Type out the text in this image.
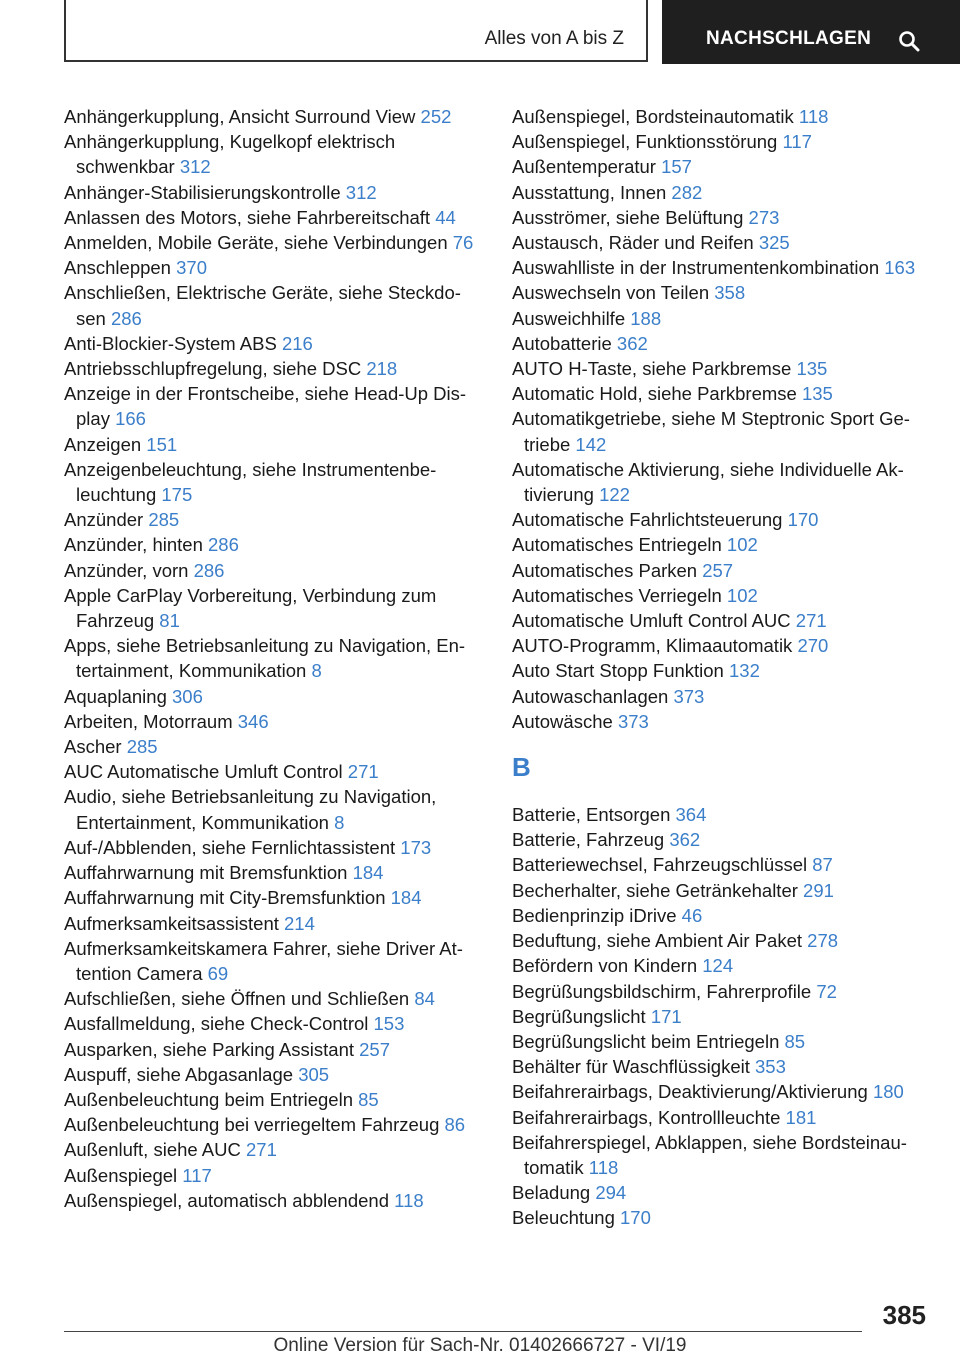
Alles von A bis Z	NACHSCHLAGEN
Anhängerkupplung, Ansicht Surround View 252
Anhängerkupplung, Kugelkopf elektrisch schwenkbar 312
Anhänger-Stabilisierungskontrolle 312
Anlassen des Motors, siehe Fahrbereitschaft 44
Anmelden, Mobile Geräte, siehe Verbindungen 76
Anschleppen 370
Anschließen, Elektrische Geräte, siehe Steckdosen 286
Anti-Blockier-System ABS 216
Antriebsschlupfregelung, siehe DSC 218
Anzeige in der Frontscheibe, siehe Head-Up Display 166
Anzeigen 151
Anzeigenbeleuchtung, siehe Instrumentenbeleuchtung 175
Anzünder 285
Anzünder, hinten 286
Anzünder, vorn 286
Apple CarPlay Vorbereitung, Verbindung zum Fahrzeug 81
Apps, siehe Betriebsanleitung zu Navigation, Entertainment, Kommunikation 8
Aquaplaning 306
Arbeiten, Motorraum 346
Ascher 285
AUC Automatische Umluft Control 271
Audio, siehe Betriebsanleitung zu Navigation, Entertainment, Kommunikation 8
Auf-/Abblenden, siehe Fernlichtassistent 173
Auffahrwarnung mit Bremsfunktion 184
Auffahrwarnung mit City-Bremsfunktion 184
Aufmerksamkeitsassistent 214
Aufmerksamkeitskamera Fahrer, siehe Driver Attention Camera 69
Aufschließen, siehe Öffnen und Schließen 84
Ausfallmeldung, siehe Check-Control 153
Ausparken, siehe Parking Assistant 257
Auspuff, siehe Abgasanlage 305
Außenbeleuchtung beim Entriegeln 85
Außenbeleuchtung bei verriegeltem Fahrzeug 86
Außenluft, siehe AUC 271
Außenspiegel 117
Außenspiegel, automatisch abblendend 118
Außenspiegel, Bordsteinautomatik 118
Außenspiegel, Funktionsstörung 117
Außentemperatur 157
Ausstattung, Innen 282
Ausströmer, siehe Belüftung 273
Austausch, Räder und Reifen 325
Auswahlliste in der Instrumentenkombination 163
Auswechseln von Teilen 358
Ausweichhilfe 188
Autobatterie 362
AUTO H-Taste, siehe Parkbremse 135
Automatic Hold, siehe Parkbremse 135
Automatikgetriebe, siehe M Steptronic Sport Getriebe 142
Automatische Aktivierung, siehe Individuelle Aktivierung 122
Automatische Fahrlichtsteuerung 170
Automatisches Entriegeln 102
Automatisches Parken 257
Automatisches Verriegeln 102
Automatische Umluft Control AUC 271
AUTO-Programm, Klimaautomatik 270
Auto Start Stopp Funktion 132
Autowaschanlagen 373
Autowäsche 373
B
Batterie, Entsorgen 364
Batterie, Fahrzeug 362
Batteriewechsel, Fahrzeugschlüssel 87
Becherhalter, siehe Getränkehalter 291
Bedienprinzip iDrive 46
Beduftung, siehe Ambient Air Paket 278
Befördern von Kindern 124
Begrüßungsbildschirm, Fahrerprofile 72
Begrüßungslicht 171
Begrüßungslicht beim Entriegeln 85
Behälter für Waschflüssigkeit 353
Beifahrerairbags, Deaktivierung/Aktivierung 180
Beifahrerairbags, Kontrollleuchte 181
Beifahrerspiegel, Abklappen, siehe Bordsteinautomatik 118
Beladung 294
Beleuchtung 170
385
Online Version für Sach-Nr. 01402666727 - VI/19
